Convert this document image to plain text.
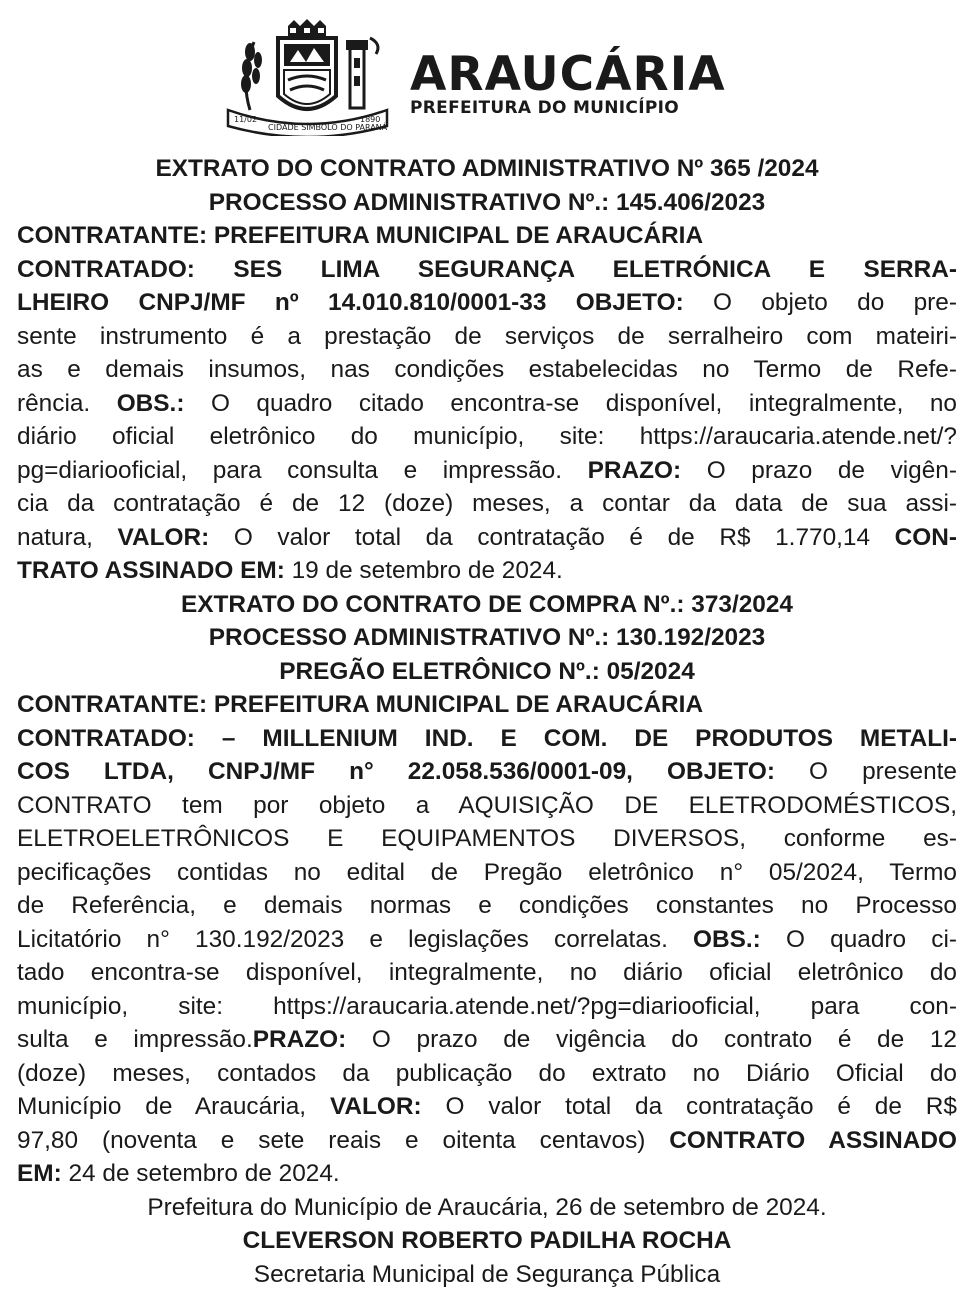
11/02
CIDADE SÍMBOLO DO PARANÁ
1890
ARAUCÁRIA
PREFEITURA DO MUNICÍPIO
EXTRATO DO CONTRATO ADMINISTRATIVO Nº 365 /2024
PROCESSO ADMINISTRATIVO Nº.: 145.406/2023
CONTRATANTE: PREFEITURA MUNICIPAL DE ARAUCÁRIA
CONTRATADO: SES LIMA SEGURANÇA ELETRÓNICA E SERRA-
LHEIRO CNPJ/MF nº 14.010.810/0001-33 OBJETO: O objeto do pre-
sente instrumento é a prestação de serviços de serralheiro com mateiri-
as e demais insumos, nas condições estabelecidas no Termo de Refe-
rência. OBS.: O quadro citado encontra-se disponível, integralmente, no
diário oficial eletrônico do município, site: https://araucaria.atende.net/?
pg=diariooficial, para consulta e impressão. PRAZO: O prazo de vigên-
cia da contratação é de 12 (doze) meses, a contar da data de sua assi-
natura, VALOR: O valor total da contratação é de R$ 1.770,14 CON-
TRATO ASSINADO EM: 19 de setembro de 2024.
EXTRATO DO CONTRATO DE COMPRA Nº.: 373/2024
PROCESSO ADMINISTRATIVO Nº.: 130.192/2023
PREGÃO ELETRÔNICO Nº.: 05/2024
CONTRATANTE: PREFEITURA MUNICIPAL DE ARAUCÁRIA
CONTRATADO: – MILLENIUM IND. E COM. DE PRODUTOS METALI-
COS LTDA, CNPJ/MF n° 22.058.536/0001-09, OBJETO: O presente
CONTRATO tem por objeto a AQUISIÇÃO DE ELETRODOMÉSTICOS,
ELETROELETRÔNICOS E EQUIPAMENTOS DIVERSOS, conforme es-
pecificações contidas no edital de Pregão eletrônico n° 05/2024, Termo
de Referência, e demais normas e condições constantes no Processo
Licitatório n° 130.192/2023 e legislações correlatas. OBS.: O quadro ci-
tado encontra-se disponível, integralmente, no diário oficial eletrônico do
município, site: https://araucaria.atende.net/?pg=diariooficial, para con-
sulta e impressão.PRAZO: O prazo de vigência do contrato é de 12
(doze) meses, contados da publicação do extrato no Diário Oficial do
Município de Araucária, VALOR: O valor total da contratação é de R$
97,80 (noventa e sete reais e oitenta centavos) CONTRATO ASSINADO
EM: 24 de setembro de 2024.
Prefeitura do Município de Araucária, 26 de setembro de 2024.
CLEVERSON ROBERTO PADILHA ROCHA
Secretaria Municipal de Segurança Pública
